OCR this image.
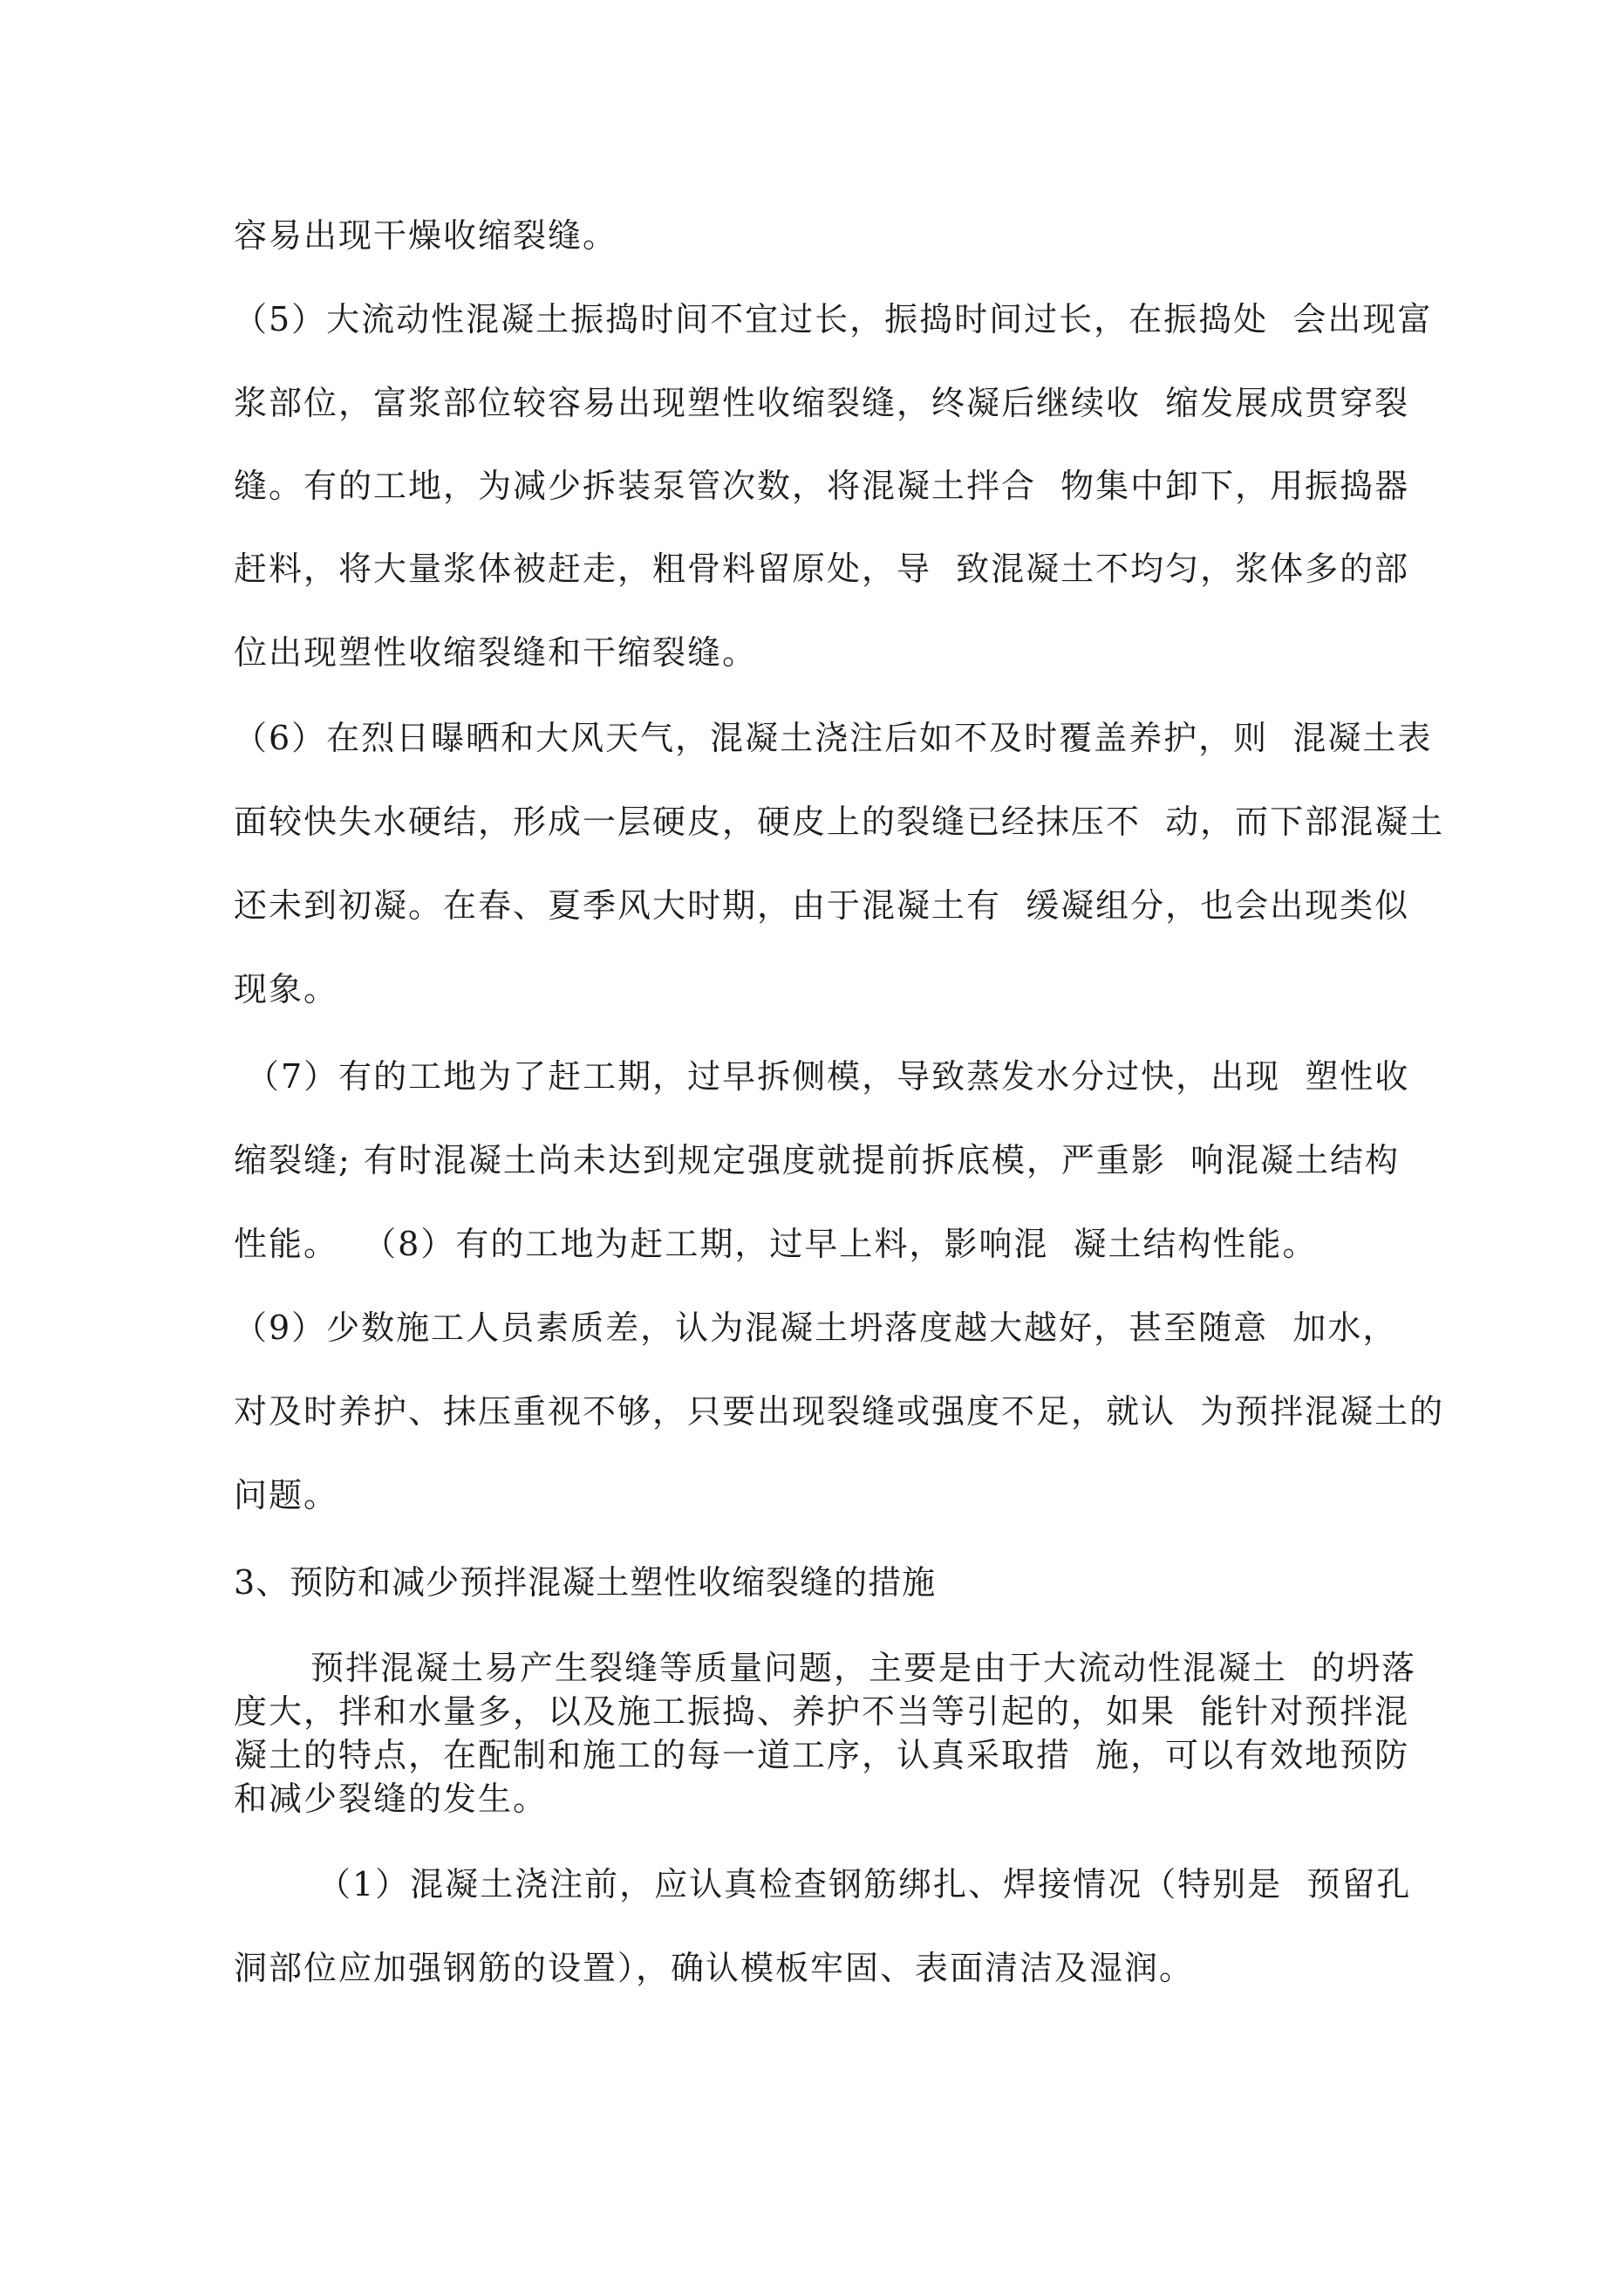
容易出现干燥收缩裂缝。
（5）大流动性混凝土振捣时间不宜过长，振捣时间过长，在振捣处  会出现富
浆部位，富浆部位较容易出现塑性收缩裂缝，终凝后继续收  缩发展成贯穿裂
缝。有的工地，为减少拆装泵管次数，将混凝土拌合  物集中卸下，用振捣器
赶料，将大量浆体被赶走，粗骨料留原处，导  致混凝土不均匀，浆体多的部
位出现塑性收缩裂缝和干缩裂缝。
（6）在烈日曝晒和大风天气，混凝土浇注后如不及时覆盖养护，则  混凝土表
面较快失水硬结，形成一层硬皮，硬皮上的裂缝已经抹压不  动，而下部混凝土
还未到初凝。在春、夏季风大时期，由于混凝土有  缓凝组分，也会出现类似
现象。
（7）有的工地为了赶工期，过早拆侧模，导致蒸发水分过快，出现  塑性收
缩裂缝; 有时混凝土尚未达到规定强度就提前拆底模，严重影  响混凝土结构
性能。  （8）有的工地为赶工期，过早上料，影响混  凝土结构性能。
（9）少数施工人员素质差，认为混凝土坍落度越大越好，甚至随意  加水，
对及时养护、抹压重视不够，只要出现裂缝或强度不足，就认  为预拌混凝土的
问题。
3、预防和减少预拌混凝土塑性收缩裂缝的措施
预拌混凝土易产生裂缝等质量问题，主要是由于大流动性混凝土  的坍落
度大，拌和水量多，以及施工振捣、养护不当等引起的，如果  能针对预拌混
凝土的特点，在配制和施工的每一道工序，认真采取措  施，可以有效地预防
和减少裂缝的发生。
（1）混凝土浇注前，应认真检查钢筋绑扎、焊接情况（特别是  预留孔
洞部位应加强钢筋的设置），确认模板牢固、表面清洁及湿润。
